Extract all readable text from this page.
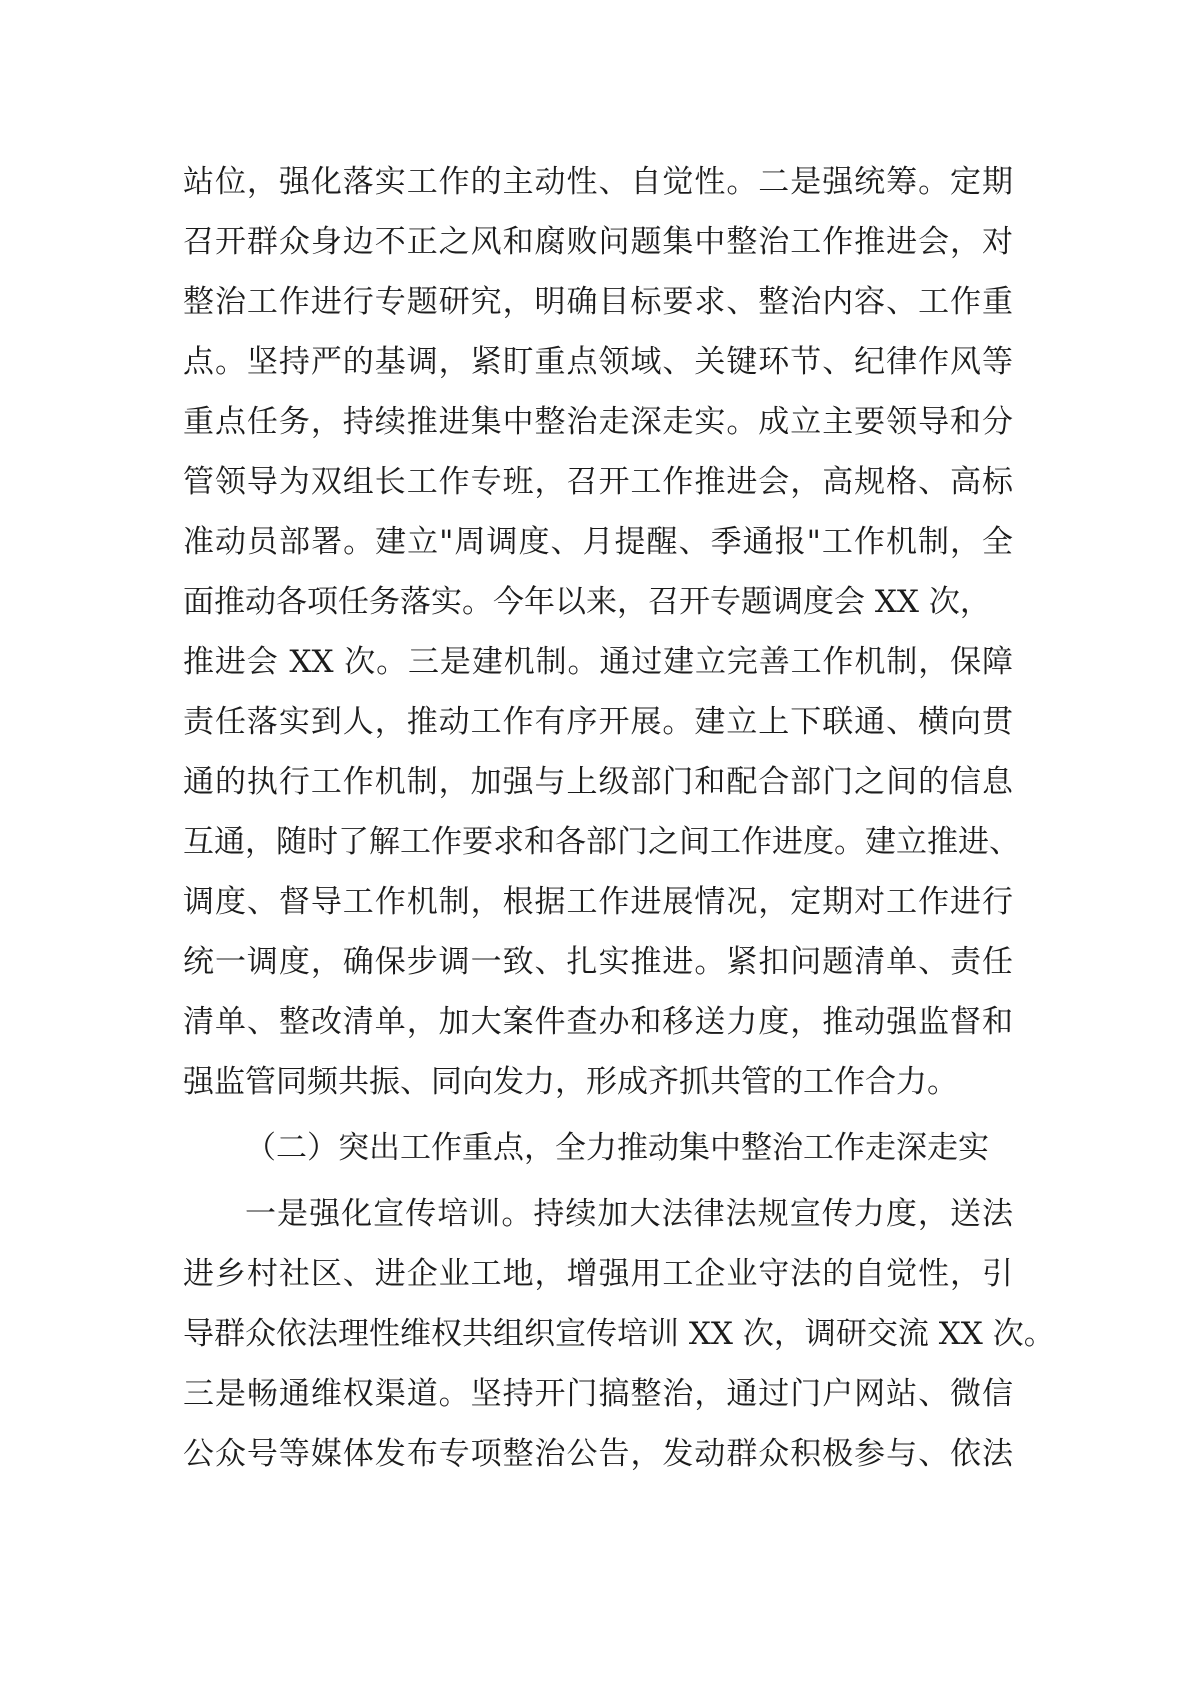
站位，强化落实工作的主动性、自觉性。二是强统筹。定期
召开群众身边不正之风和腐败问题集中整治工作推进会，对
整治工作进行专题研究，明确目标要求、整治内容、工作重
点。坚持严的基调，紧盯重点领域、关键环节、纪律作风等
重点任务，持续推进集中整治走深走实。成立主要领导和分
管领导为双组长工作专班，召开工作推进会，高规格、高标
准动员部署。建立"周调度、月提醒、季通报"工作机制，全
面推动各项任务落实。今年以来，召开专题调度会 XX 次，
推进会 XX 次。三是建机制。通过建立完善工作机制，保障
责任落实到人，推动工作有序开展。建立上下联通、横向贯
通的执行工作机制，加强与上级部门和配合部门之间的信息
互通，随时了解工作要求和各部门之间工作进度。建立推进、
调度、督导工作机制，根据工作进展情况，定期对工作进行
统一调度，确保步调一致、扎实推进。紧扣问题清单、责任
清单、整改清单，加大案件查办和移送力度，推动强监督和
强监管同频共振、同向发力，形成齐抓共管的工作合力。
（二）突出工作重点，全力推动集中整治工作走深走实
一是强化宣传培训。持续加大法律法规宣传力度，送法
进乡村社区、进企业工地，增强用工企业守法的自觉性，引
导群众依法理性维权共组织宣传培训 XX 次，调研交流 XX 次。
三是畅通维权渠道。坚持开门搞整治，通过门户网站、微信
公众号等媒体发布专项整治公告，发动群众积极参与、依法
